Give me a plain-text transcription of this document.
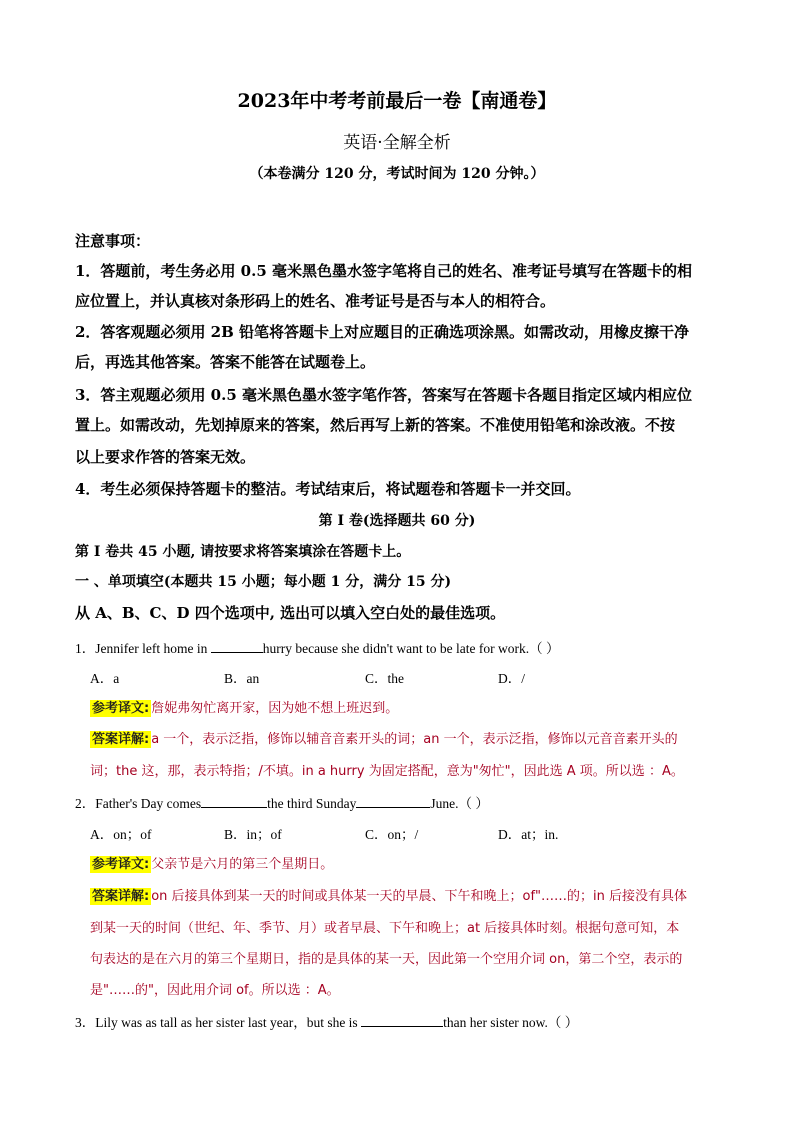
2023年中考考前最后一卷【南通卷】
英语·全解全析
（本卷满分 120 分，考试时间为 120 分钟。）
注意事项：
1．答题前，考生务必用 0.5 毫米黑色墨水签字笔将自己的姓名、准考证号填写在答题卡的相
应位置上，并认真核对条形码上的姓名、准考证号是否与本人的相符合。
2．答客观题必须用 2B 铅笔将答题卡上对应题目的正确选项涂黑。如需改动，用橡皮擦干净
后，再选其他答案。答案不能答在试题卷上。
3．答主观题必须用 0.5 毫米黑色墨水签字笔作答，答案写在答题卡各题目指定区域内相应位
置上。如需改动，先划掉原来的答案，然后再写上新的答案。不准使用铅笔和涂改液。不按
以上要求作答的答案无效。
4．考生必须保持答题卡的整洁。考试结束后，将试题卷和答题卡一并交回。
第 I 卷(选择题共 60 分)
第 I 卷共 45 小题, 请按要求将答案填涂在答题卡上。
一 、单项填空(本题共 15 小题；每小题 1 分，满分 15 分)
从 A、B、C、D 四个选项中, 选出可以填入空白处的最佳选项。
1．Jennifer left home in	hurry because she didn't want to be late for work.（ ）
A．a	B．an	C．the	D．/
参考译文: 詹妮弗匆忙离开家，因为她不想上班迟到。
答案详解: a 一个，表示泛指，修饰以辅音音素开头的词；an 一个，表示泛指，修饰以元音音素开头的
词；the 这，那，表示特指；/不填。in a hurry 为固定搭配，意为"匆忙"，因此选 A 项。所以选 ：A。
2．Father's Day comes	the third Sunday	June.（ ）
A．on；of	B．in；of	C．on；/	D．at；in.
参考译文: 父亲节是六月的第三个星期日。
答案详解: on 后接具体到某一天的时间或具体某一天的早晨、下午和晚上；of"……的；in 后接没有具体
到某一天的时间（世纪、年、季节、月）或者早晨、下午和晚上；at 后接具体时刻。根据句意可知，本
句表达的是在六月的第三个星期日，指的是具体的某一天，因此第一个空用介词 on，第二个空，表示的
是"……的"，因此用介词 of。所以选 ：A。
3．Lily was as tall as her sister last year，but she is	than her sister now.（ ）
